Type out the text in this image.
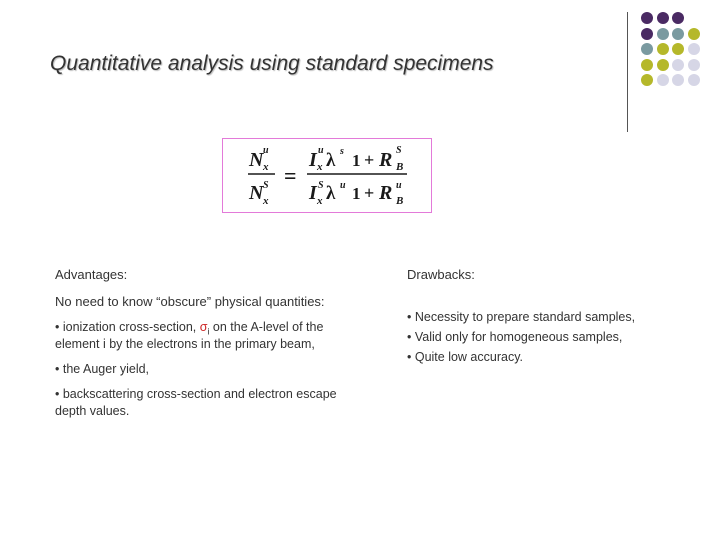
Quantitative analysis using standard specimens
N u
x
N S
x
=
I u
x λ s 1 + R S
B
I S
x λ u 1 + R u
B
Advantages:
No need to know “obscure” physical quantities:
• ionization cross-section, $\sigma_i$ on the A-level of the
element i by the electrons in the primary beam,
• the Auger yield,
• backscattering cross-section and electron escape
depth values.
Drawbacks:
• Necessity to prepare standard samples,
• Valid only for homogeneous samples,
• Quite low accuracy.
